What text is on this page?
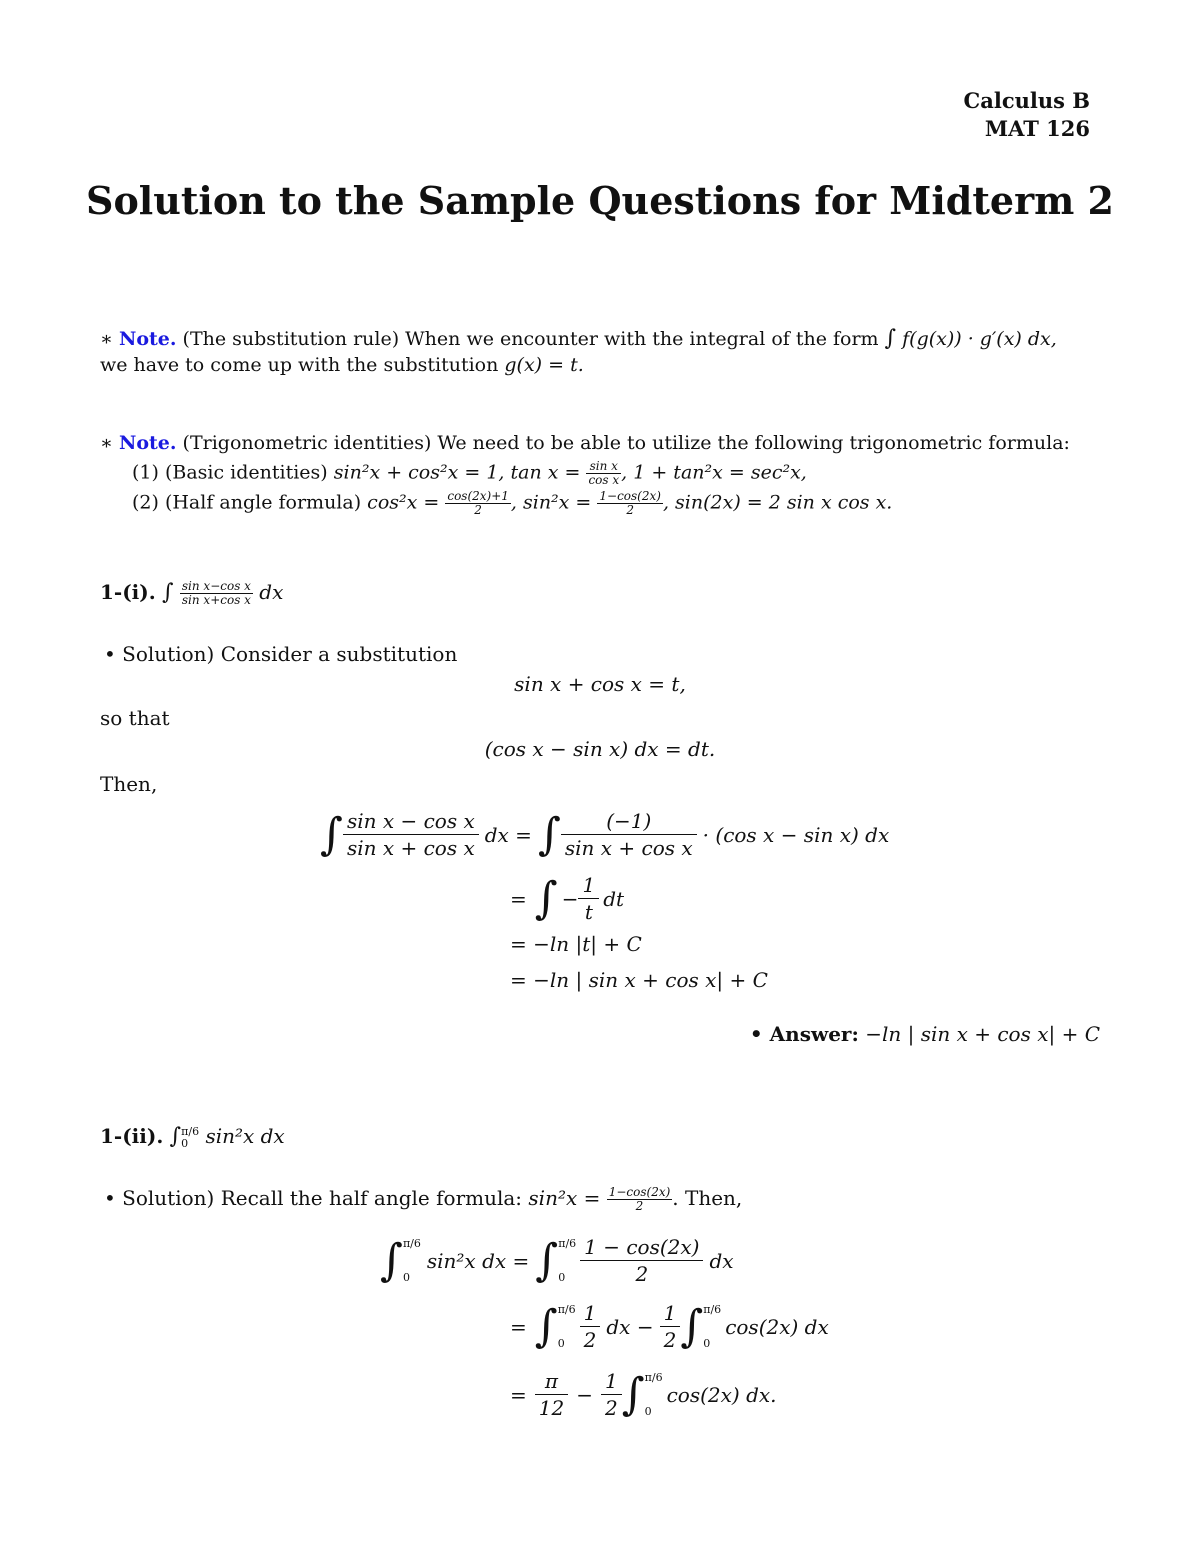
Calculus B
MAT 126
Solution to the Sample Questions for Midterm 2
∗ Note. (The substitution rule) When we encounter with the integral of the form ∫ f(g(x)) · g′(x) dx,
we have to come up with the substitution g(x) = t.
∗ Note. (Trigonometric identities) We need to be able to utilize the following trigonometric formula:
(1) (Basic identities) sin²x + cos²x = 1, $\tan x = \frac{\text{sin x}}{\text{cos x}}$ , 1 + tan²x = sec²x,
(2) (Half angle formula) $\cos^2x = \frac{\cos(2x)+1}{2}$ , $\sin^2x = \frac{1-\cos(2x)}{2}$ , sin(2x) = 2 sin x cos x.
1-(i). ∫ $\frac{\text{sin x−cos x}}{\text{sin x+cos x}}$ dx
• Solution) Consider a substitution
sin x + cos x = t,
so that
(cos x − sin x) dx = dt.
Then,
∫ $\frac{\text{sin x − cos x}}{\text{sin x + cos x}}$ dx = ∫ $\frac{(-1)}{\text{sin x + cos x}} \cdot (\cos$ x − sin x) dx
= ∫ − $\frac{1}{t}$ dt
= −ln |t| + C
= −ln | sin x + cos x| + C
• Answer: −ln | sin x + cos x| + C
1-(ii). ∫ π/6
0 sin²x dx
• Solution) Recall the half angle formula: $\sin^2x = \frac{1-\cos(2x)}{2}$ . Then,
∫ π/6
0
sin²x dx = ∫ π/6
$0 \frac{1 - \cos(2x)}{2}$ dx
= ∫ π/6
$0 \frac{1}{2}$ dx − $\frac{1}{2}$ ∫ π/6
0
cos(2x) dx
= $\frac{\pi}{12} - \frac{1}{2}$ ∫ π/6
0
cos(2x) dx.
